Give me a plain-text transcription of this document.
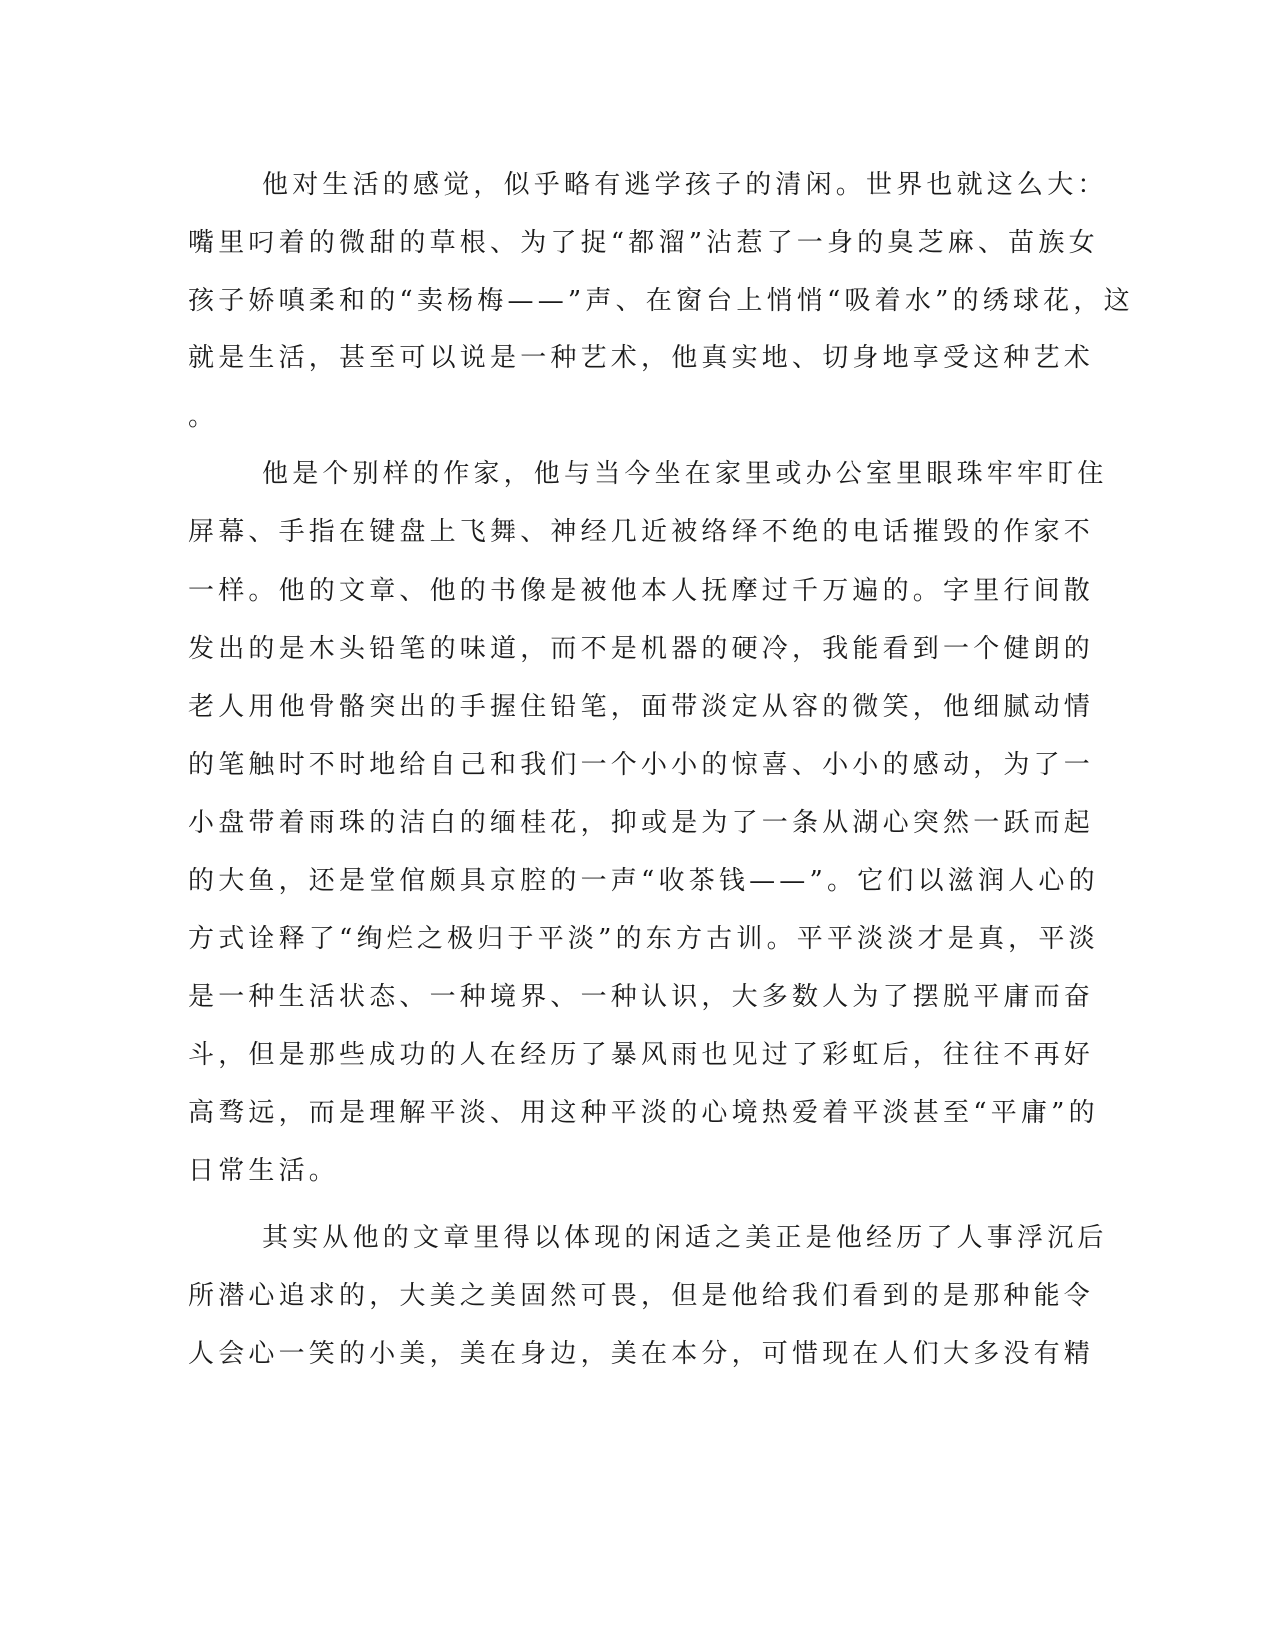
他对生活的感觉，似乎略有逃学孩子的清闲。世界也就这么大：
嘴里叼着的微甜的草根、为了捉“都溜”沾惹了一身的臭芝麻、苗族女
孩子娇嗔柔和的“卖杨梅——”声、在窗台上悄悄“吸着水”的绣球花，这
就是生活，甚至可以说是一种艺术，他真实地、切身地享受这种艺术
。
他是个别样的作家，他与当今坐在家里或办公室里眼珠牢牢盯住
屏幕、手指在键盘上飞舞、神经几近被络绎不绝的电话摧毁的作家不
一样。他的文章、他的书像是被他本人抚摩过千万遍的。字里行间散
发出的是木头铅笔的味道，而不是机器的硬冷，我能看到一个健朗的
老人用他骨骼突出的手握住铅笔，面带淡定从容的微笑，他细腻动情
的笔触时不时地给自己和我们一个小小的惊喜、小小的感动，为了一
小盘带着雨珠的洁白的缅桂花，抑或是为了一条从湖心突然一跃而起
的大鱼，还是堂倌颇具京腔的一声“收茶钱——”。它们以滋润人心的
方式诠释了“绚烂之极归于平淡”的东方古训。平平淡淡才是真，平淡
是一种生活状态、一种境界、一种认识，大多数人为了摆脱平庸而奋
斗，但是那些成功的人在经历了暴风雨也见过了彩虹后，往往不再好
高骛远，而是理解平淡、用这种平淡的心境热爱着平淡甚至“平庸”的
日常生活。
其实从他的文章里得以体现的闲适之美正是他经历了人事浮沉后
所潜心追求的，大美之美固然可畏，但是他给我们看到的是那种能令
人会心一笑的小美，美在身边，美在本分，可惜现在人们大多没有精
